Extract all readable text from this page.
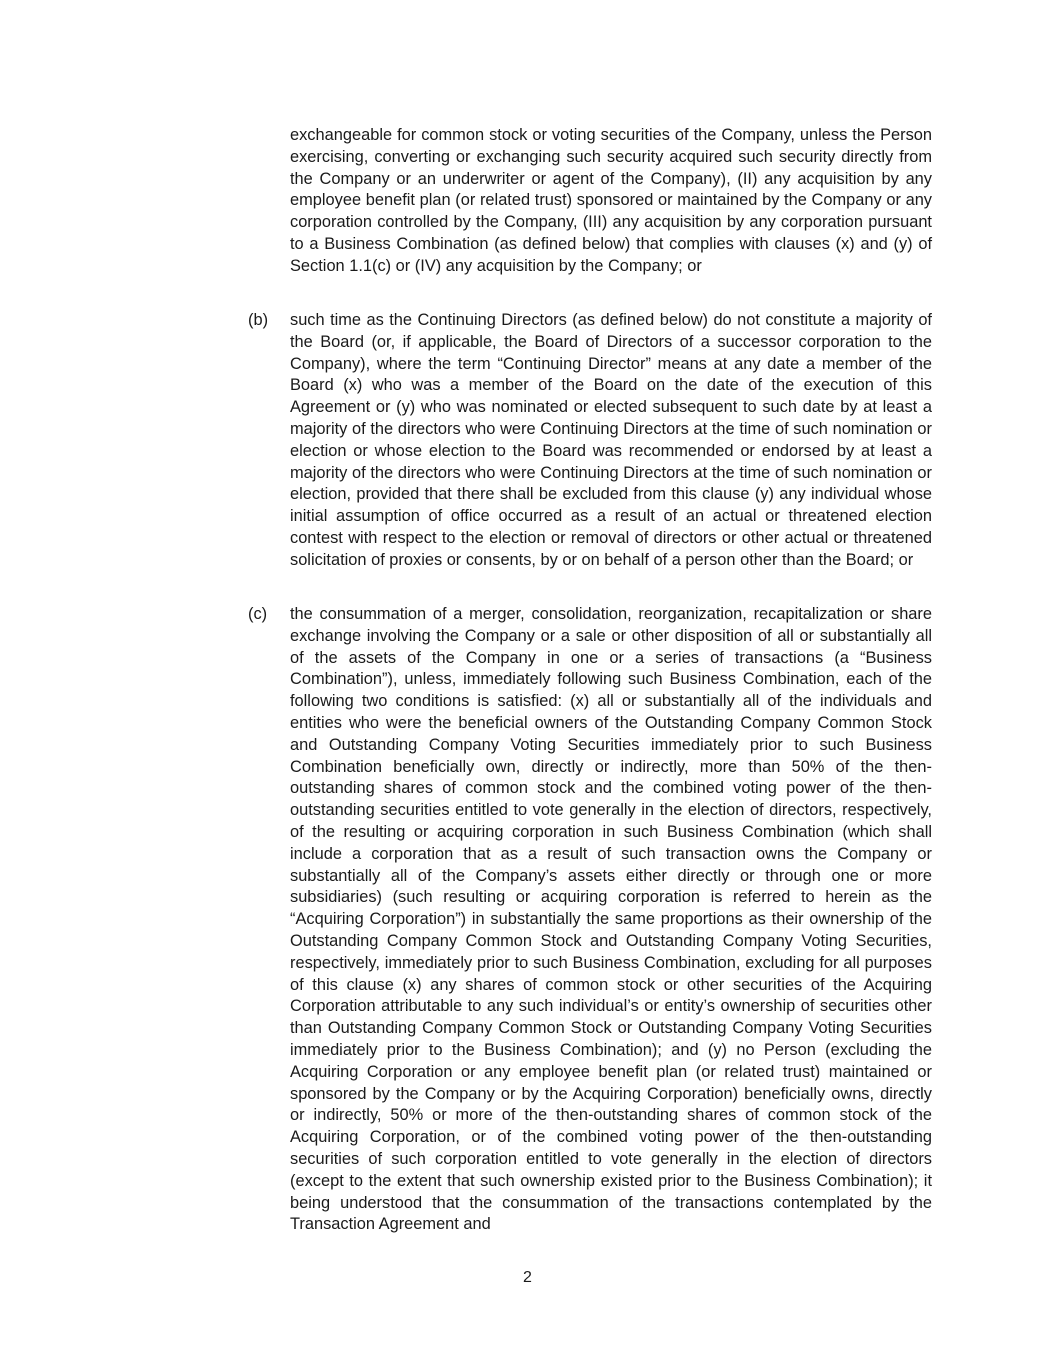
exchangeable for common stock or voting securities of the Company, unless the Person exercising, converting or exchanging such security acquired such security directly from the Company or an underwriter or agent of the Company), (II) any acquisition by any employee benefit plan (or related trust) sponsored or maintained by the Company or any corporation controlled by the Company, (III) any acquisition by any corporation pursuant to a Business Combination (as defined below) that complies with clauses (x) and (y) of Section 1.1(c) or (IV) any acquisition by the Company; or
(b)	such time as the Continuing Directors (as defined below) do not constitute a majority of the Board (or, if applicable, the Board of Directors of a successor corporation to the Company), where the term “Continuing Director” means at any date a member of the Board (x) who was a member of the Board on the date of the execution of this Agreement or (y) who was nominated or elected subsequent to such date by at least a majority of the directors who were Continuing Directors at the time of such nomination or election or whose election to the Board was recommended or endorsed by at least a majority of the directors who were Continuing Directors at the time of such nomination or election, provided that there shall be excluded from this clause (y) any individual whose initial assumption of office occurred as a result of an actual or threatened election contest with respect to the election or removal of directors or other actual or threatened solicitation of proxies or consents, by or on behalf of a person other than the Board; or
(c)	the consummation of a merger, consolidation, reorganization, recapitalization or share exchange involving the Company or a sale or other disposition of all or substantially all of the assets of the Company in one or a series of transactions (a “Business Combination”), unless, immediately following such Business Combination, each of the following two conditions is satisfied: (x) all or substantially all of the individuals and entities who were the beneficial owners of the Outstanding Company Common Stock and Outstanding Company Voting Securities immediately prior to such Business Combination beneficially own, directly or indirectly, more than 50% of the then-outstanding shares of common stock and the combined voting power of the then-outstanding securities entitled to vote generally in the election of directors, respectively, of the resulting or acquiring corporation in such Business Combination (which shall include a corporation that as a result of such transaction owns the Company or substantially all of the Company’s assets either directly or through one or more subsidiaries) (such resulting or acquiring corporation is referred to herein as the “Acquiring Corporation”) in substantially the same proportions as their ownership of the Outstanding Company Common Stock and Outstanding Company Voting Securities, respectively, immediately prior to such Business Combination, excluding for all purposes of this clause (x) any shares of common stock or other securities of the Acquiring Corporation attributable to any such individual’s or entity’s ownership of securities other than Outstanding Company Common Stock or Outstanding Company Voting Securities immediately prior to the Business Combination); and (y) no Person (excluding the Acquiring Corporation or any employee benefit plan (or related trust) maintained or sponsored by the Company or by the Acquiring Corporation) beneficially owns, directly or indirectly, 50% or more of the then-outstanding shares of common stock of the Acquiring Corporation, or of the combined voting power of the then-outstanding securities of such corporation entitled to vote generally in the election of directors (except to the extent that such ownership existed prior to the Business Combination); it being understood that the consummation of the transactions contemplated by the Transaction Agreement and
2
